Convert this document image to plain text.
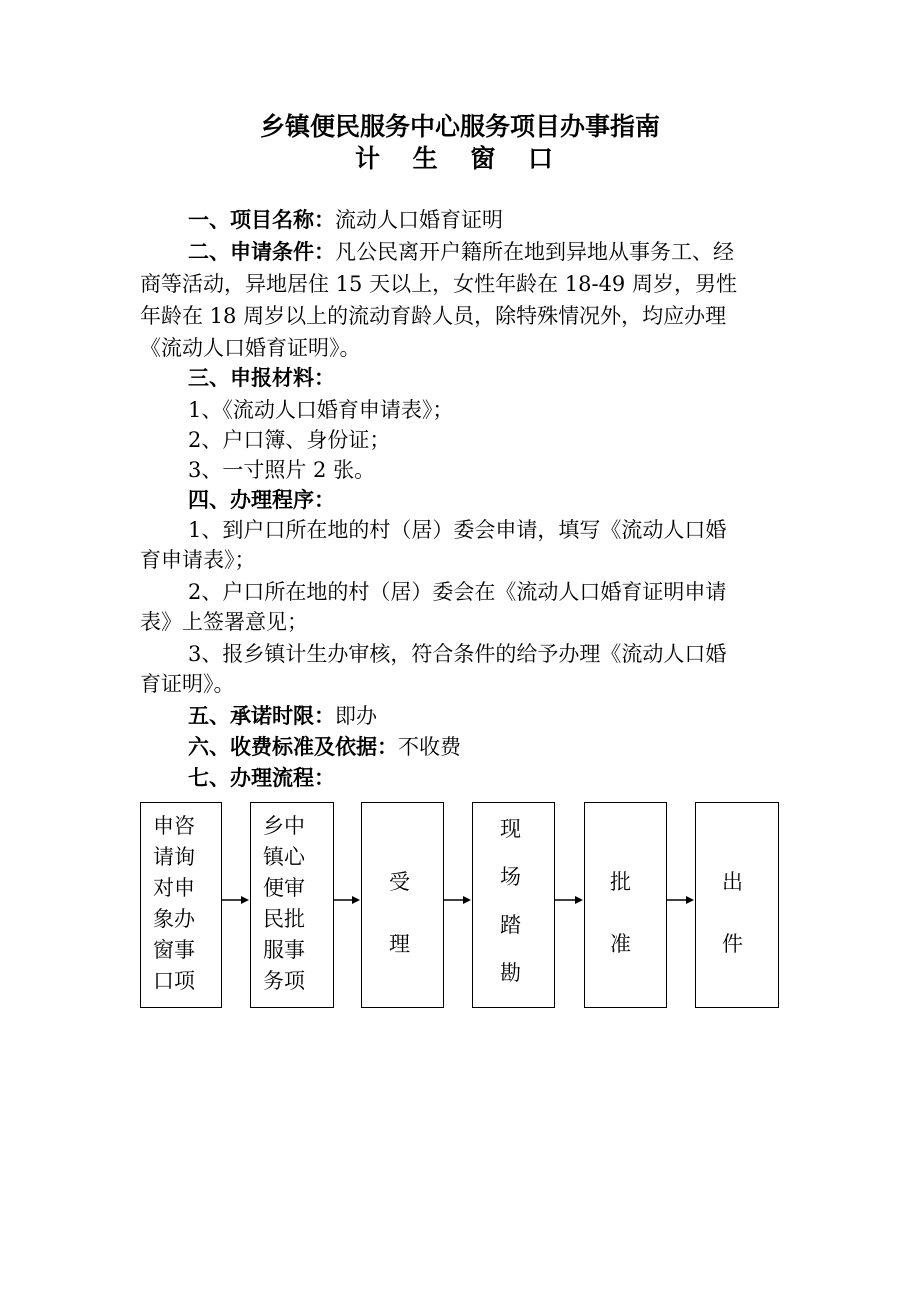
乡镇便民服务中心服务项目办事指南
计 生 窗 口
一、项目名称：流动人口婚育证明
二、申请条件：凡公民离开户籍所在地到异地从事务工、经
商等活动，异地居住 15 天以上，女性年龄在 18-49 周岁，男性
年龄在 18 周岁以上的流动育龄人员，除特殊情况外，均应办理
《流动人口婚育证明》。
三、申报材料：
1、《流动人口婚育申请表》；
2、户口簿、身份证；
3、一寸照片 2 张。
四、办理程序：
1、到户口所在地的村（居）委会申请，填写《流动人口婚
育申请表》；
2、户口所在地的村（居）委会在《流动人口婚育证明申请
表》上签署意见；
3、报乡镇计生办审核，符合条件的给予办理《流动人口婚
育证明》。
五、承诺时限：即办
六、收费标准及依据：不收费
七、办理流程：
申咨
请询
对申
象办
窗事
口项
乡中
镇心
便审
民批
服事
务项
受

理
现

场

踏

勘
批

准
出

件
